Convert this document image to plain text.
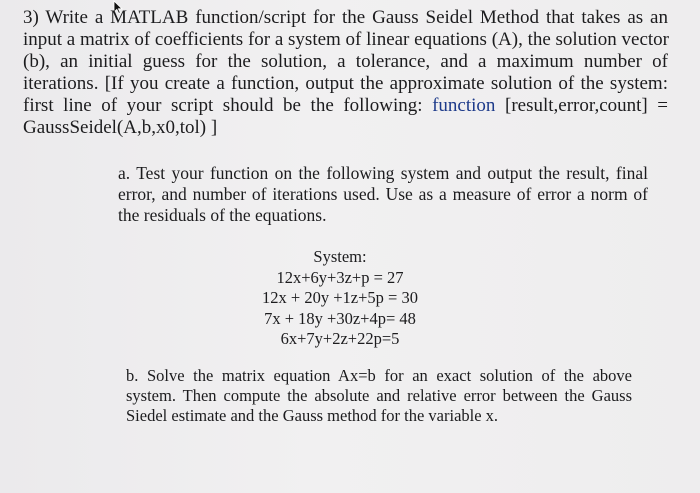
3) Write a MATLAB function/script for the Gauss Seidel Method that takes as an
input a matrix of coefficients for a system of linear equations (A), the solution vector
(b), an initial guess for the solution, a tolerance, and a maximum number of
iterations. [If you create a function, output the approximate solution of the system:
first line of your script should be the following: function [result,error,count] =
GaussSeidel(A,b,x0,tol) ]

a. Test your function on the following system and output the result, final
error, and number of iterations used. Use as a measure of error a norm of
the residuals of the equations.

System:
12x+6y+3z+p = 27
12x + 20y +1z+5p = 30
7x + 18y +30z+4p= 48
6x+7y+2z+22p=5

b. Solve the matrix equation Ax=b for an exact solution of the above
system. Then compute the absolute and relative error between the Gauss
Siedel estimate and the Gauss method for the variable x.
